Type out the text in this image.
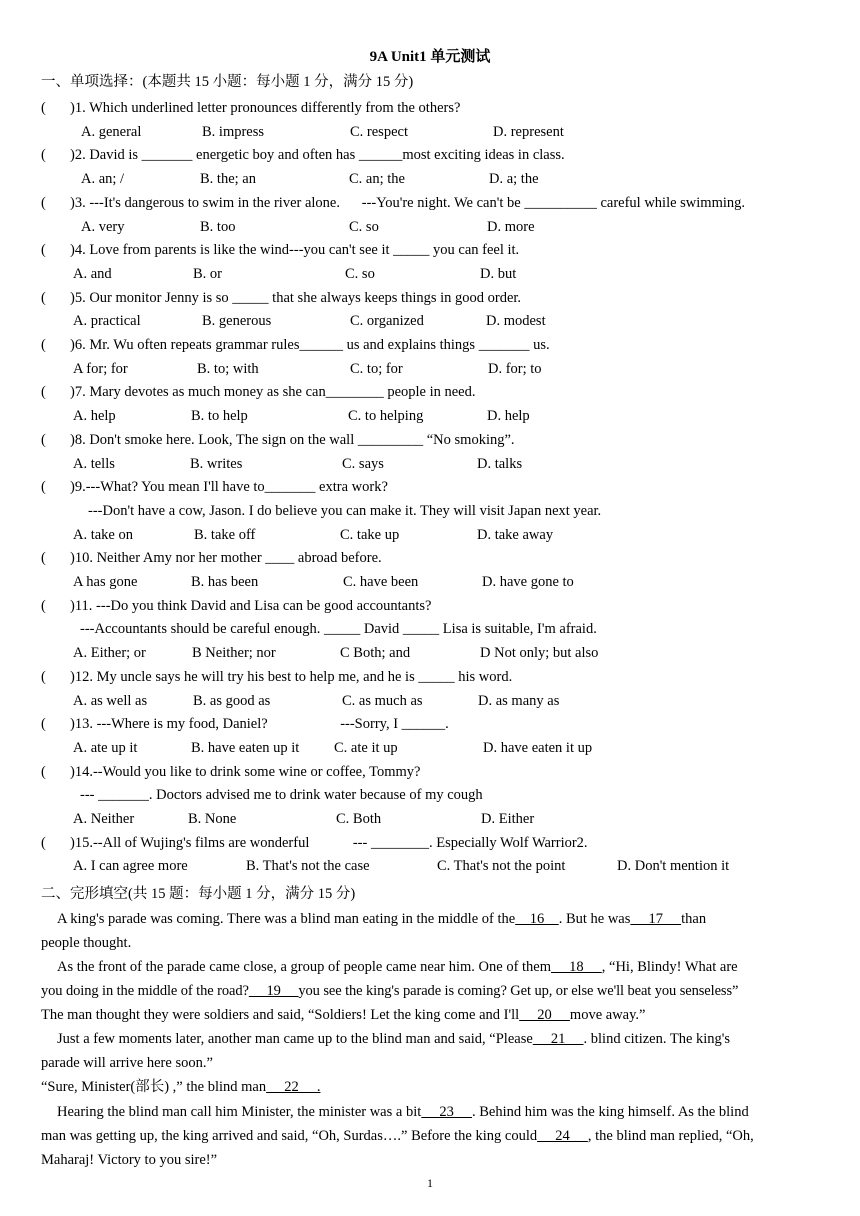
9A Unit1 单元测试
一、单项选择：(本题共 15 小题：每小题 1 分，满分 15 分)
( )1. Which underlined letter pronounces differently from the others?
A. general	B. impress	C. respect	D. represent
( )2. David is _______ energetic boy and often has ______most exciting ideas in class.
A. an; /	B. the; an	C. an; the	D. a; the
( )3. ---It's dangerous to swim in the river alone.      ---You're night. We can't be __________ careful while swimming.
A. very	B. too	C. so	D. more
( )4. Love from parents is like the wind---you can't see it _____ you can feel it.
A. and	B. or	C. so	D. but
( )5. Our monitor Jenny is so _____ that she always keeps things in good order.
A. practical	B. generous	C. organized	D. modest
( )6. Mr. Wu often repeats grammar rules______ us and explains things _______ us.
A for; for	B. to; with	C. to; for	D. for; to
( )7. Mary devotes as much money as she can________ people in need.
A. help	B. to help	C. to helping	D. help
( )8. Don't smoke here. Look, The sign on the wall _________ “No smoking”.
A. tells	B. writes	C. says	D. talks
( )9.---What? You mean I'll have to_______ extra work?
---Don't have a cow, Jason. I do believe you can make it. They will visit Japan next year.
A. take on	B. take off	C. take up	D. take away
( )10. Neither Amy nor her mother ____ abroad before.
A has gone	B. has been	C. have been	D. have gone to
( )11. ---Do you think David and Lisa can be good accountants?
---Accountants should be careful enough. _____ David _____ Lisa is suitable, I'm afraid.
A. Either; or	B Neither; nor	C Both; and	D Not only; but also
( )12. My uncle says he will try his best to help me, and he is _____ his word.
A. as well as	B. as good as	C. as much as	D. as many as
( )13. ---Where is my food, Daniel?                    ---Sorry, I ______.
A. ate up it	B. have eaten up it C. ate it up	D. have eaten it up
( )14.--Would you like to drink some wine or coffee, Tommy?
--- _______. Doctors advised me to drink water because of my cough
A. Neither	B. None	C. Both	D. Either
( )15.--All of Wujing's films are wonderful            --- ________. Especially Wolf Warrior2.
A. I can agree more	B. That's not the case	C. That's not the point	D. Don't mention it
二、完形填空(共 15 题：每小题 1 分，满分 15 分)
A king's parade was coming. There was a blind man eating in the middle of the    16    . But he was     17     than
people thought.
As the front of the parade came close, a group of people came near him. One of them     18     , “Hi, Blindy! What are
you doing in the middle of the road?     19     you see the king's parade is coming? Get up, or else we'll beat you senseless”
The man thought they were soldiers and said, “Soldiers! Let the king come and I'll     20     move away.”
Just a few moments later, another man came up to the blind man and said, “Please     21     . blind citizen. The king's
parade will arrive here soon.”
“Sure, Minister(部长) ,” the blind man     22     .
Hearing the blind man call him Minister, the minister was a bit     23     . Behind him was the king himself. As the blind
man was getting up, the king arrived and said, “Oh, Surdas….” Before the king could     24     , the blind man replied, “Oh,
Maharaj! Victory to you sire!”
1
